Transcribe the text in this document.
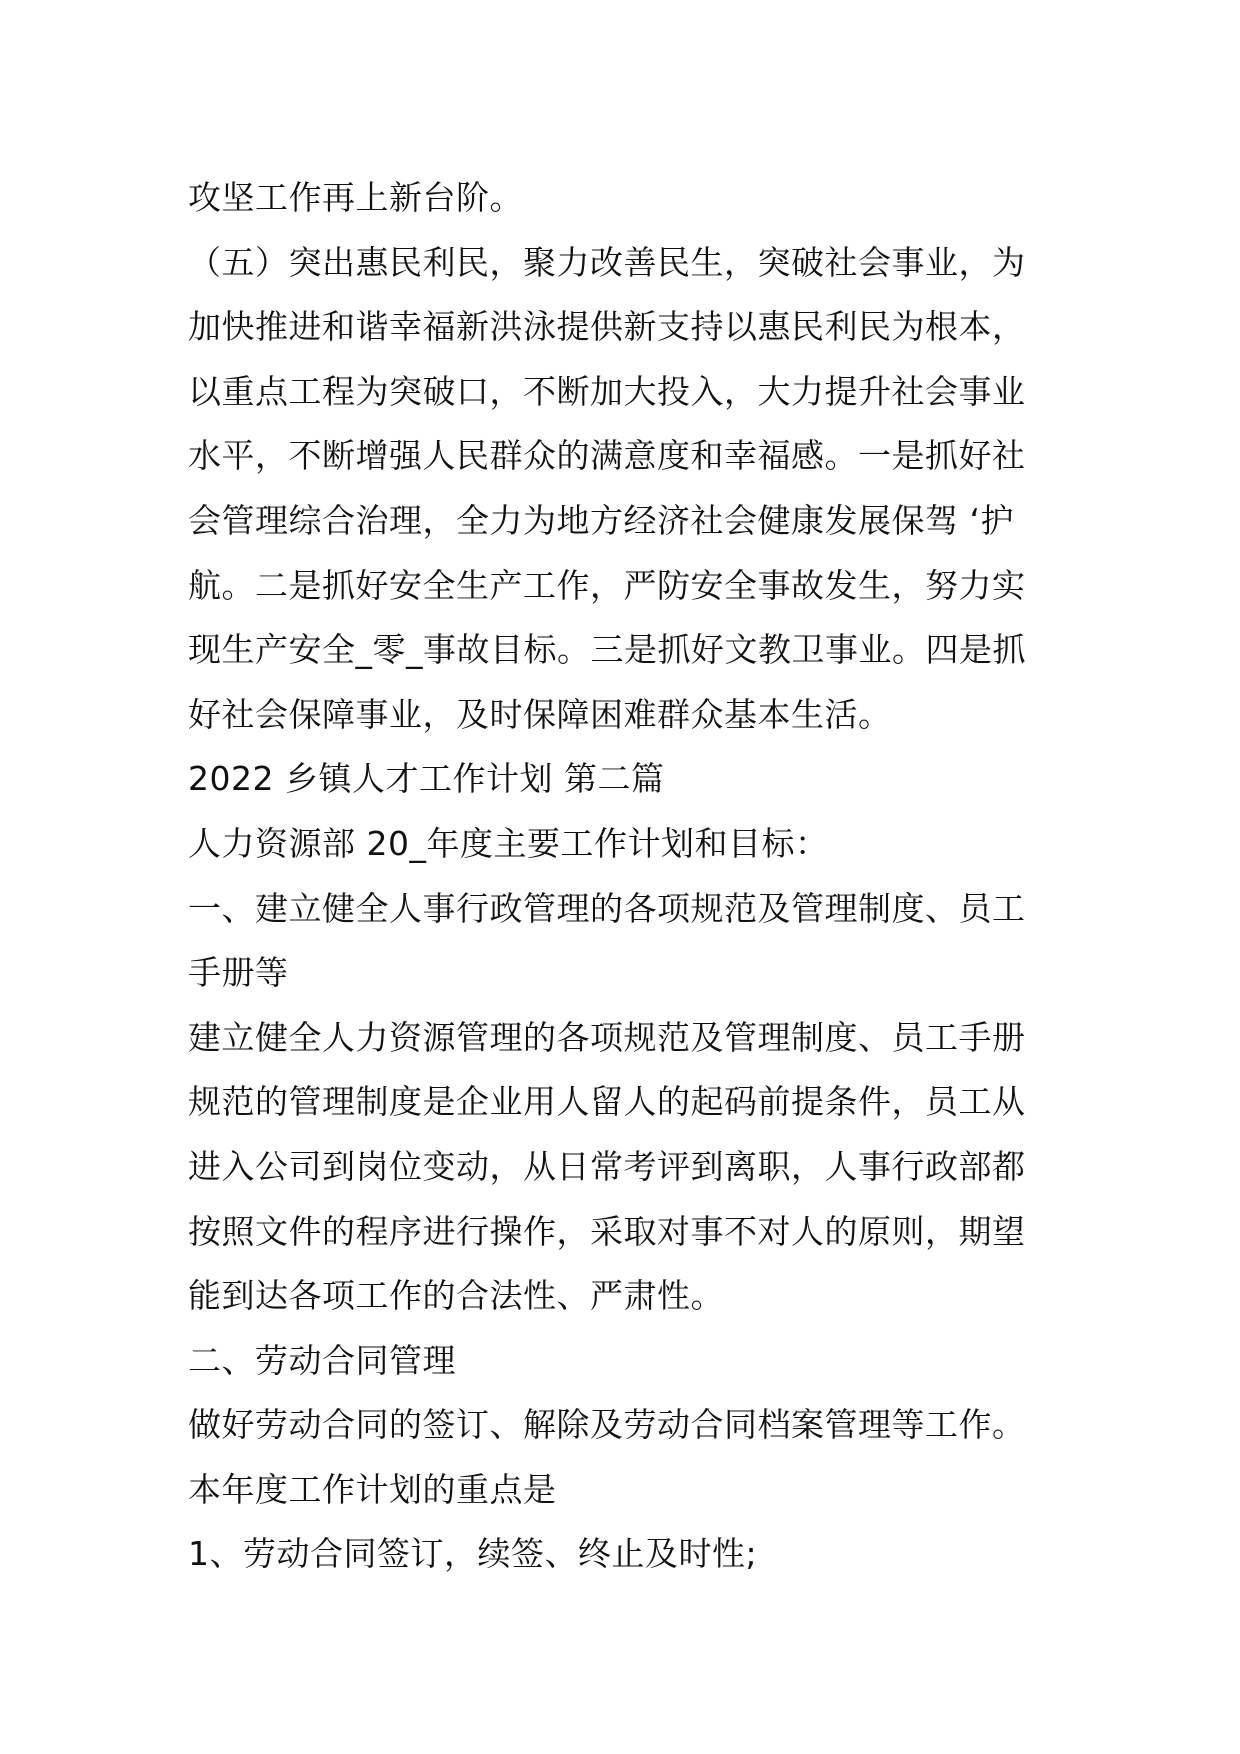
攻坚工作再上新台阶。
（五）突出惠民利民，聚力改善民生，突破社会事业，为
加快推进和谐幸福新洪泳提供新支持以惠民利民为根本，
以重点工程为突破口，不断加大投入，大力提升社会事业
水平，不断增强人民群众的满意度和幸福感。一是抓好社
会管理综合治理，全力为地方经济社会健康发展保驾 ‘护
航。二是抓好安全生产工作，严防安全事故发生，努力实
现生产安全_零_事故目标。三是抓好文教卫事业。四是抓
好社会保障事业，及时保障困难群众基本生活。
2022 乡镇人才工作计划 第二篇
人力资源部 20_年度主要工作计划和目标：
一、建立健全人事行政管理的各项规范及管理制度、员工
手册等
建立健全人力资源管理的各项规范及管理制度、员工手册
规范的管理制度是企业用人留人的起码前提条件，员工从
进入公司到岗位变动，从日常考评到离职，人事行政部都
按照文件的程序进行操作，采取对事不对人的原则，期望
能到达各项工作的合法性、严肃性。
二、劳动合同管理
做好劳动合同的签订、解除及劳动合同档案管理等工作。
本年度工作计划的重点是
1、劳动合同签订，续签、终止及时性;
